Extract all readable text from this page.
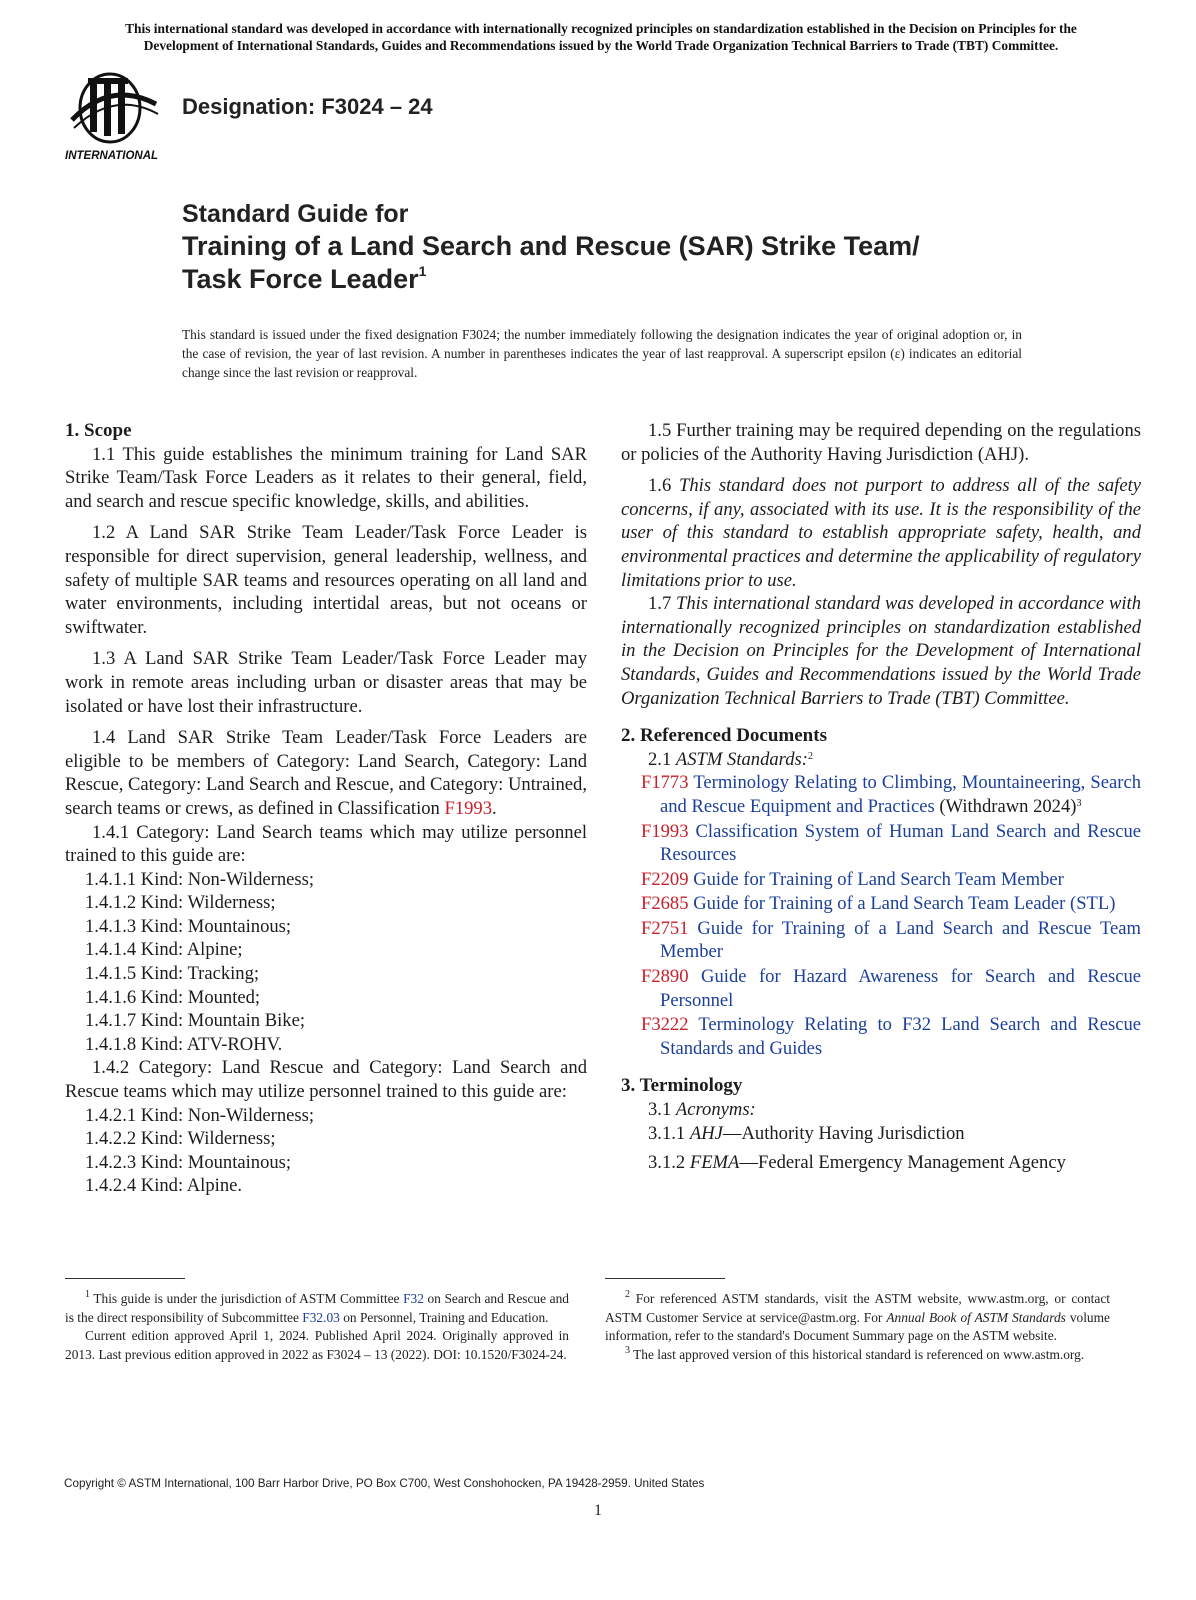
This international standard was developed in accordance with internationally recognized principles on standardization established in the Decision on Principles for the
Development of International Standards, Guides and Recommendations issued by the World Trade Organization Technical Barriers to Trade (TBT) Committee.
INTERNATIONAL
Designation: F3024 – 24
Standard Guide for
Training of a Land Search and Rescue (SAR) Strike Team/
Task Force Leader$^1$
This standard is issued under the fixed designation F3024; the number immediately following the designation indicates the year of original adoption or, in the case of revision, the year of last revision. A number in parentheses indicates the year of last reapproval. A superscript epsilon (ε) indicates an editorial change since the last revision or reapproval.

1. Scope

1.1 This guide establishes the minimum training for Land SAR Strike Team/Task Force Leaders as it relates to their general, field, and search and rescue specific knowledge, skills, and abilities.

1.2 A Land SAR Strike Team Leader/Task Force Leader is responsible for direct supervision, general leadership, wellness, and safety of multiple SAR teams and resources operating on all land and water environments, including intertidal areas, but not oceans or swiftwater.

1.3 A Land SAR Strike Team Leader/Task Force Leader may work in remote areas including urban or disaster areas that may be isolated or have lost their infrastructure.

1.4 Land SAR Strike Team Leader/Task Force Leaders are eligible to be members of Category: Land Search, Category: Land Rescue, Category: Land Search and Rescue, and Category: Untrained, search teams or crews, as defined in Classification F1993.

1.4.1 Category: Land Search teams which may utilize personnel trained to this guide are:

1.4.1.1 Kind: Non-Wilderness;

1.4.1.2 Kind: Wilderness;

1.4.1.3 Kind: Mountainous;

1.4.1.4 Kind: Alpine;

1.4.1.5 Kind: Tracking;

1.4.1.6 Kind: Mounted;

1.4.1.7 Kind: Mountain Bike;

1.4.1.8 Kind: ATV-ROHV.

1.4.2 Category: Land Rescue and Category: Land Search and Rescue teams which may utilize personnel trained to this guide are:

1.4.2.1 Kind: Non-Wilderness;

1.4.2.2 Kind: Wilderness;

1.4.2.3 Kind: Mountainous;

1.4.2.4 Kind: Alpine.

1.5 Further training may be required depending on the regulations or policies of the Authority Having Jurisdiction (AHJ).

1.6 This standard does not purport to address all of the safety concerns, if any, associated with its use. It is the responsibility of the user of this standard to establish appropriate safety, health, and environmental practices and determine the applicability of regulatory limitations prior to use.

1.7 This international standard was developed in accordance with internationally recognized principles on standardization established in the Decision on Principles for the Development of International Standards, Guides and Recommendations issued by the World Trade Organization Technical Barriers to Trade (TBT) Committee.

2. Referenced Documents

2.1 ASTM Standards:$^2$

F1773 Terminology Relating to Climbing, Mountaineering, Search and Rescue Equipment and Practices (Withdrawn 2024)$^3$

F1993 Classification System of Human Land Search and Rescue Resources

F2209 Guide for Training of Land Search Team Member

F2685 Guide for Training of a Land Search Team Leader (STL)

F2751 Guide for Training of a Land Search and Rescue Team Member

F2890 Guide for Hazard Awareness for Search and Rescue Personnel

F3222 Terminology Relating to F32 Land Search and Rescue Standards and Guides

3. Terminology

3.1 Acronyms:

3.1.1 AHJ—Authority Having Jurisdiction

3.1.2 FEMA—Federal Emergency Management Agency

$^1$ This guide is under the jurisdiction of ASTM Committee F32 on Search and Rescue and is the direct responsibility of Subcommittee F32.03 on Personnel, Training and Education.

Current edition approved April 1, 2024. Published April 2024. Originally approved in 2013. Last previous edition approved in 2022 as F3024 – 13 (2022). DOI: 10.1520/F3024-24.

$^2$ For referenced ASTM standards, visit the ASTM website, www.astm.org, or contact ASTM Customer Service at service@astm.org. For Annual Book of ASTM Standards volume information, refer to the standard's Document Summary page on the ASTM website.

$^3$ The last approved version of this historical standard is referenced on www.astm.org.

Copyright © ASTM International, 100 Barr Harbor Drive, PO Box C700, West Conshohocken, PA 19428-2959. United States
1
